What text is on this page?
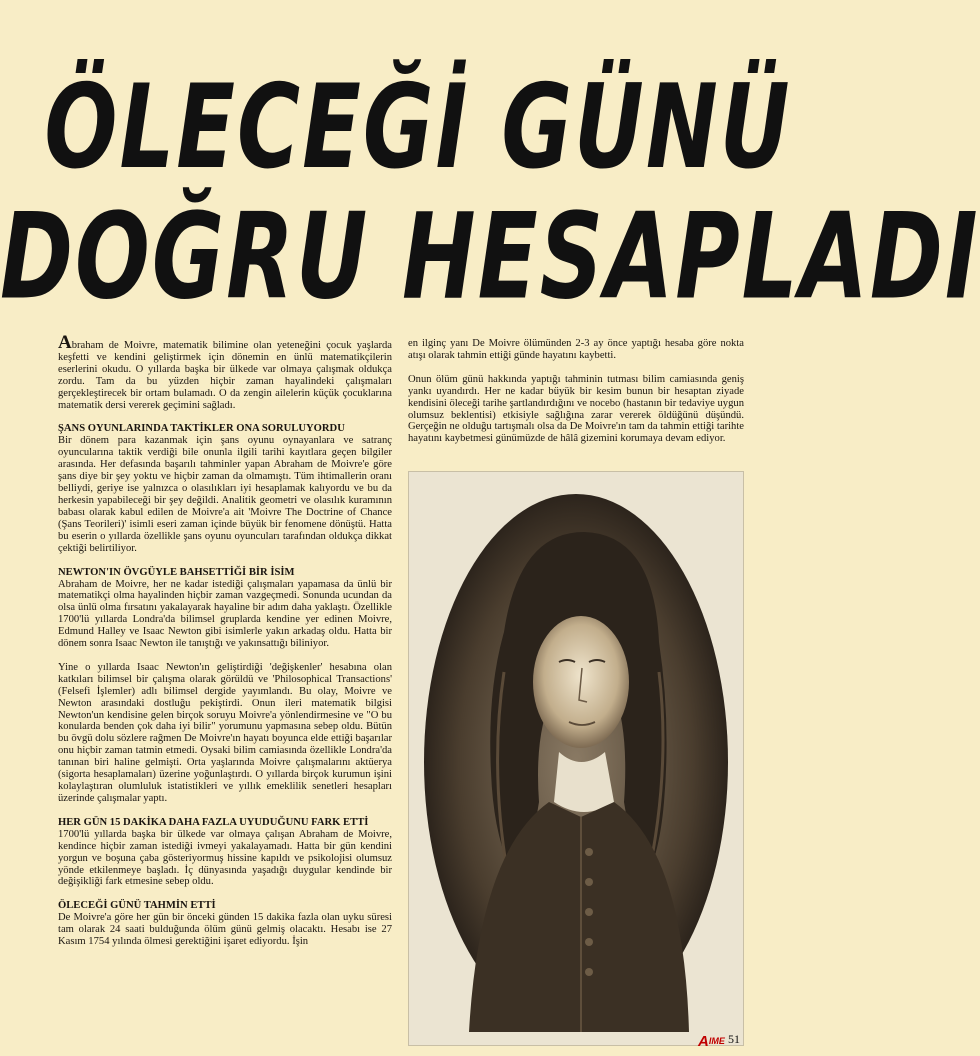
ÖLECEĞİ GÜNÜ
DOĞRU HESAPLADI

Abraham de Moivre, matematik bilimine olan yeteneğini çocuk yaşlarda keşfetti ve kendini geliştirmek için dönemin en ünlü matematikçilerin eserlerini okudu. O yıllarda başka bir ülkede var olmaya çalışmak oldukça zordu. Tam da bu yüzden hiçbir zaman hayalindeki çalışmaları gerçekleştirecek bir ortam bulamadı. O da zengin ailelerin küçük çocuklarına matematik dersi vererek geçimini sağladı.

ŞANS OYUNLARINDA TAKTİKLER ONA SORULUYORDU

Bir dönem para kazanmak için şans oyunu oynayanlara ve satranç oyuncularına taktik verdiği bile onunla ilgili tarihi kayıtlara geçen bilgiler arasında. Her defasında başarılı tahminler yapan Abraham de Moivre'e göre şans diye bir şey yoktu ve hiçbir zaman da olmamıştı. Tüm ihtimallerin oranı belliydi, geriye ise yalnızca o olasılıkları iyi hesaplamak kalıyordu ve bu da herkesin yapabileceği bir şey değildi. Analitik geometri ve olasılık kuramının babası olarak kabul edilen de Moivre'a ait 'Moivre The Doctrine of Chance (Şans Teorileri)' isimli eseri zaman içinde büyük bir fenomene dönüştü. Hatta bu eserin o yıllarda özellikle şans oyunu oyuncuları tarafından oldukça dikkat çektiği belirtiliyor.

NEWTON'IN ÖVGÜYLE BAHSETTİĞİ BİR İSİM

Abraham de Moivre, her ne kadar istediği çalışmaları yapamasa da ünlü bir matematikçi olma hayalinden hiçbir zaman vazgeçmedi. Sonunda ucundan da olsa ünlü olma fırsatını yakalayarak hayaline bir adım daha yaklaştı. Özellikle 1700'lü yıllarda Londra'da bilimsel gruplarda kendine yer edinen Moivre, Edmund Halley ve Isaac Newton gibi isimlerle yakın arkadaş oldu. Hatta bir dönem sonra Isaac Newton ile tanıştığı ve yakınsattığı biliniyor.

Yine o yıllarda Isaac Newton'ın geliştirdiği 'değişkenler' hesabına olan katkıları bilimsel bir çalışma olarak görüldü ve 'Philosophical Transactions' (Felsefi İşlemler) adlı bilimsel dergide yayımlandı. Bu olay, Moivre ve Newton arasındaki dostluğu pekiştirdi. Onun ileri matematik bilgisi Newton'un kendisine gelen birçok soruyu Moivre'a yönlendirmesine ve "O bu konularda benden çok daha iyi bilir" yorumunu yapmasına sebep oldu. Bütün bu övgü dolu sözlere rağmen De Moivre'ın hayatı boyunca elde ettiği başarılar onu hiçbir zaman tatmin etmedi. Oysaki bilim camiasında özellikle Londra'da tanınan biri haline gelmişti. Orta yaşlarında Moivre çalışmalarını aktüerya (sigorta hesaplamaları) üzerine yoğunlaştırdı. O yıllarda birçok kurumun işini kolaylaştıran olumluluk istatistikleri ve yıllık emeklilik senetleri hesapları üzerinde çalışmalar yaptı.

HER GÜN 15 DAKİKA DAHA FAZLA UYUDUĞUNU FARK ETTİ

1700'lü yıllarda başka bir ülkede var olmaya çalışan Abraham de Moivre, kendince hiçbir zaman istediği ivmeyi yakalayamadı. Hatta bir gün kendini yorgun ve boşuna çaba gösteriyormuş hissine kapıldı ve psikolojisi olumsuz yönde etkilenmeye başladı. İç dünyasında yaşadığı duygular kendinde bir değişikliği fark etmesine sebep oldu.

ÖLECEĞİ GÜNÜ TAHMİN ETTİ

De Moivre'a göre her gün bir önceki günden 15 dakika fazla olan uyku süresi tam olarak 24 saati bulduğunda ölüm günü gelmiş olacaktı. Hesabı ise 27 Kasım 1754 yılında ölmesi gerektiğini işaret ediyordu. İşin

en ilginç yanı De Moivre ölümünden 2-3 ay önce yaptığı hesaba göre nokta atışı olarak tahmin ettiği günde hayatını kaybetti.

Onun ölüm günü hakkında yaptığı tahminin tutması bilim camiasında geniş yankı uyandırdı. Her ne kadar büyük bir kesim bunun bir hesaptan ziyade kendisini öleceği tarihe şartlandırdığını ve nocebo (hastanın bir tedaviye uygun olumsuz beklentisi) etkisiyle sağlığına zarar vererek öldüğünü düşündü. Gerçeğin ne olduğu tartışmalı olsa da De Moivre'ın tam da tahmin ettiği tarihte hayatını kaybetmesi günümüzde de hâlâ gizemini korumaya devam ediyor.

AIME 51
